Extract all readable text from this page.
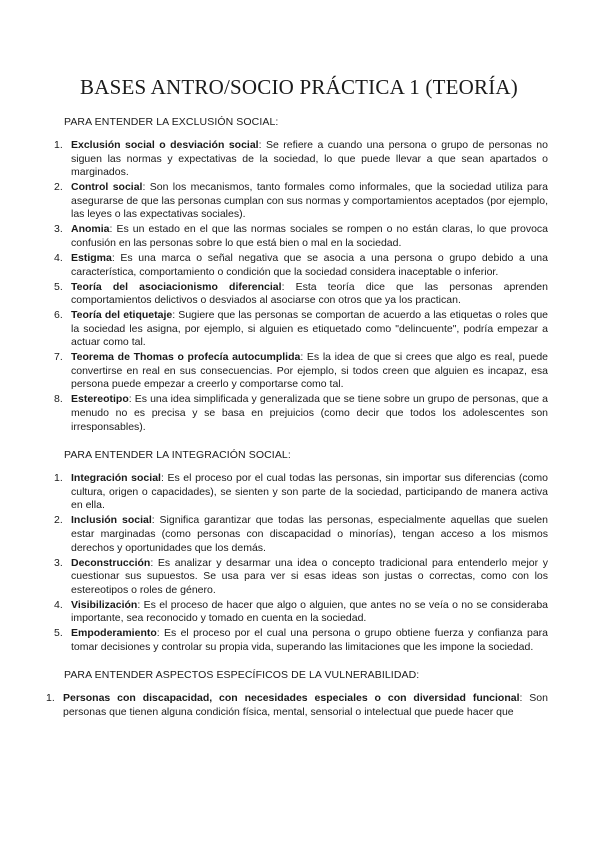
BASES ANTRO/SOCIO PRÁCTICA 1 (TEORÍA)
PARA ENTENDER LA EXCLUSIÓN SOCIAL:
1. Exclusión social o desviación social: Se refiere a cuando una persona o grupo de personas no siguen las normas y expectativas de la sociedad, lo que puede llevar a que sean apartados o marginados.
2. Control social: Son los mecanismos, tanto formales como informales, que la sociedad utiliza para asegurarse de que las personas cumplan con sus normas y comportamientos aceptados (por ejemplo, las leyes o las expectativas sociales).
3. Anomia: Es un estado en el que las normas sociales se rompen o no están claras, lo que provoca confusión en las personas sobre lo que está bien o mal en la sociedad.
4. Estigma: Es una marca o señal negativa que se asocia a una persona o grupo debido a una característica, comportamiento o condición que la sociedad considera inaceptable o inferior.
5. Teoría del asociacionismo diferencial: Esta teoría dice que las personas aprenden comportamientos delictivos o desviados al asociarse con otros que ya los practican.
6. Teoría del etiquetaje: Sugiere que las personas se comportan de acuerdo a las etiquetas o roles que la sociedad les asigna, por ejemplo, si alguien es etiquetado como "delincuente", podría empezar a actuar como tal.
7. Teorema de Thomas o profecía autocumplida: Es la idea de que si crees que algo es real, puede convertirse en real en sus consecuencias. Por ejemplo, si todos creen que alguien es incapaz, esa persona puede empezar a creerlo y comportarse como tal.
8. Estereotipo: Es una idea simplificada y generalizada que se tiene sobre un grupo de personas, que a menudo no es precisa y se basa en prejuicios (como decir que todos los adolescentes son irresponsables).
PARA ENTENDER LA INTEGRACIÓN SOCIAL:
1. Integración social: Es el proceso por el cual todas las personas, sin importar sus diferencias (como cultura, origen o capacidades), se sienten y son parte de la sociedad, participando de manera activa en ella.
2. Inclusión social: Significa garantizar que todas las personas, especialmente aquellas que suelen estar marginadas (como personas con discapacidad o minorías), tengan acceso a los mismos derechos y oportunidades que los demás.
3. Deconstrucción: Es analizar y desarmar una idea o concepto tradicional para entenderlo mejor y cuestionar sus supuestos. Se usa para ver si esas ideas son justas o correctas, como con los estereotipos o roles de género.
4. Visibilización: Es el proceso de hacer que algo o alguien, que antes no se veía o no se consideraba importante, sea reconocido y tomado en cuenta en la sociedad.
5. Empoderamiento: Es el proceso por el cual una persona o grupo obtiene fuerza y confianza para tomar decisiones y controlar su propia vida, superando las limitaciones que les impone la sociedad.
PARA ENTENDER ASPECTOS ESPECÍFICOS DE LA VULNERABILIDAD:
1. Personas con discapacidad, con necesidades especiales o con diversidad funcional: Son personas que tienen alguna condición física, mental, sensorial o intelectual que puede hacer que
